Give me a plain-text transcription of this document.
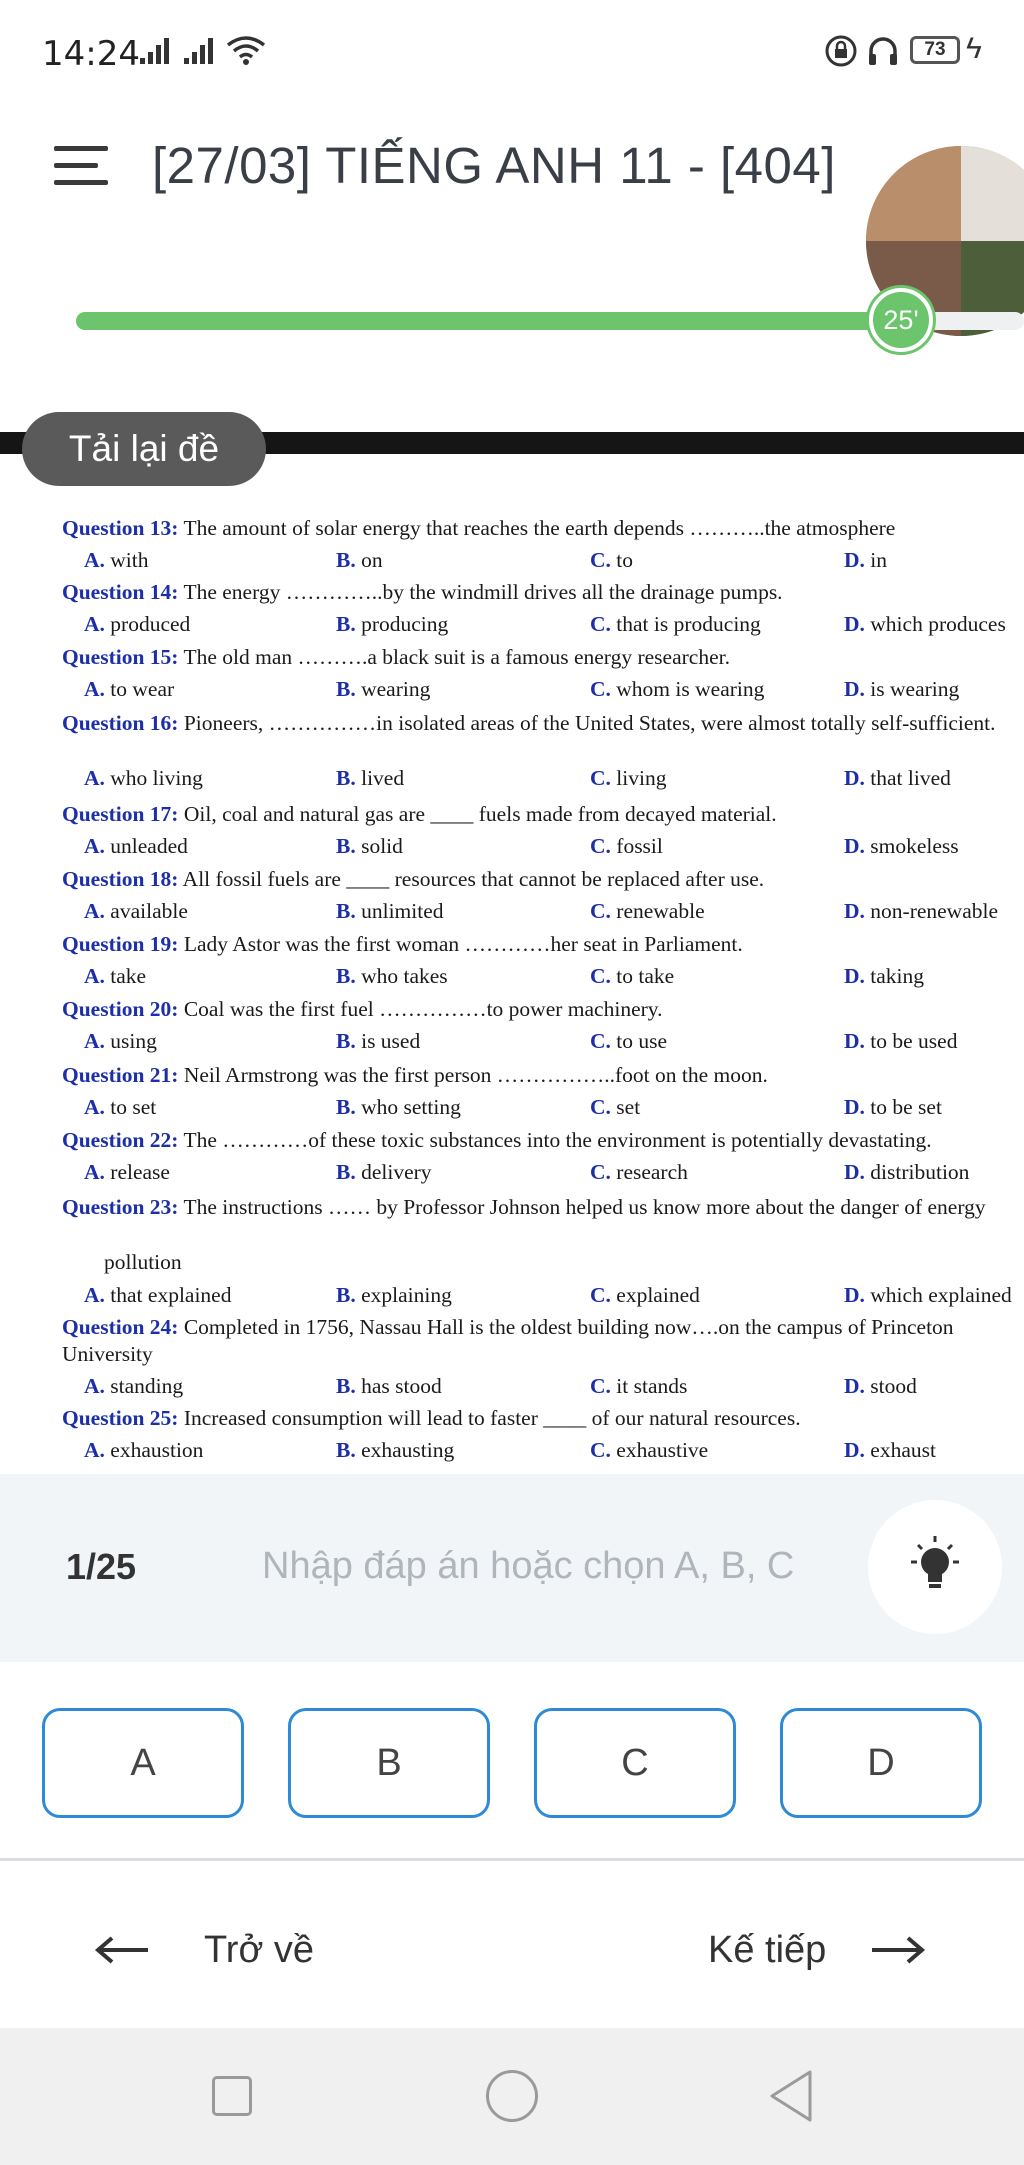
14:24	73 ϟ
[27/03] TIẾNG ANH 11 - [404]
25'
Tải lại đề
Question 13: The amount of solar energy that reaches the earth depends ………..the atmosphere
A. with	B. on	C. to	D. in
Question 14: The energy …………..by the windmill drives all the drainage pumps.
A. produced	B. producing	C. that is producing	D. which produces
Question 15: The old man ……….a black suit is a famous energy researcher.
A. to wear	B. wearing	C. whom is wearing	D. is wearing
Question 16: Pioneers, ……………in isolated areas of the United States, were almost totally self-sufficient.
A. who living	B. lived	C. living	D. that lived
Question 17: Oil, coal and natural gas are ____ fuels made from decayed material.
A. unleaded	B. solid	C. fossil	D. smokeless
Question 18: All fossil fuels are ____ resources that cannot be replaced after use.
A. available	B. unlimited	C. renewable	D. non-renewable
Question 19: Lady Astor was the first woman …………her seat in Parliament.
A. take	B. who takes	C. to take	D. taking
Question 20: Coal was the first fuel ……………to power machinery.
A. using	B. is used	C. to use	D. to be used
Question 21: Neil Armstrong was the first person ……………..foot on the moon.
A. to set	B. who setting	C. set	D. to be set
Question 22: The …………of these toxic substances into the environment is potentially devastating.
A. release	B. delivery	C. research	D. distribution
Question 23: The instructions …… by Professor Johnson helped us know more about the danger of energy
pollution
A. that explained	B. explaining	C. explained	D. which explained
Question 24: Completed in 1756, Nassau Hall is the oldest building now….on the campus of Princeton University
A. standing	B. has stood	C. it stands	D. stood
Question 25: Increased consumption will lead to faster ____ of our natural resources.
A. exhaustion	B. exhausting	C. exhaustive	D. exhaust
1/25
Nhập đáp án hoặc chọn A, B, C
A	B	C	D
Trở về	Kế tiếp
